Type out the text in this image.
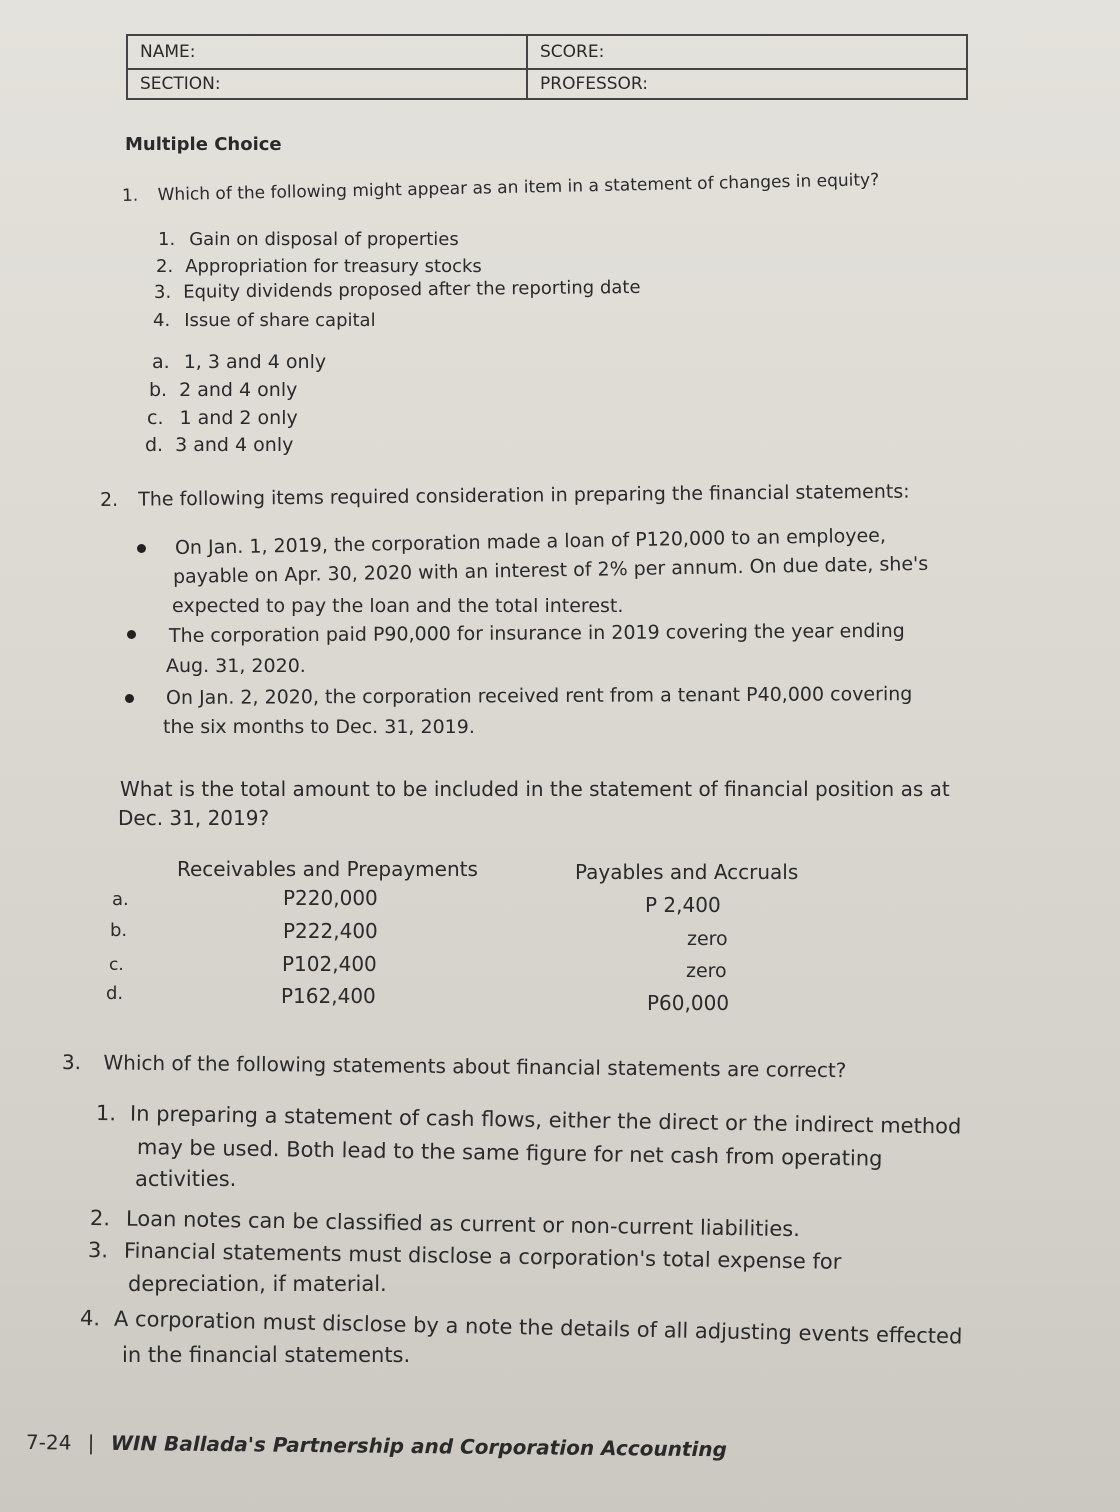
NAME:	SCORE:
SECTION:	PROFESSOR:
Multiple Choice
1. Which of the following might appear as an item in a statement of changes in equity?
1. Gain on disposal of properties
2. Appropriation for treasury stocks
3. Equity dividends proposed after the reporting date
4. Issue of share capital
a. 1, 3 and 4 only
b. 2 and 4 only
c. 1 and 2 only
d. 3 and 4 only
2. The following items required consideration in preparing the financial statements:
On Jan. 1, 2019, the corporation made a loan of P120,000 to an employee,
payable on Apr. 30, 2020 with an interest of 2% per annum. On due date, she's
expected to pay the loan and the total interest.
The corporation paid P90,000 for insurance in 2019 covering the year ending
Aug. 31, 2020.
On Jan. 2, 2020, the corporation received rent from a tenant P40,000 covering
the six months to Dec. 31, 2019.
What is the total amount to be included in the statement of financial position as at
Dec. 31, 2019?
Receivables and Prepayments	Payables and Accruals
a.	P220,000	P 2,400
b.	P222,400	zero
c.	P102,400	zero
d.	P162,400	P60,000
3. Which of the following statements about financial statements are correct?
1. In preparing a statement of cash flows, either the direct or the indirect method
may be used. Both lead to the same figure for net cash from operating
activities.
2. Loan notes can be classified as current or non-current liabilities.
3. Financial statements must disclose a corporation's total expense for
depreciation, if material.
4. A corporation must disclose by a note the details of all adjusting events effected
in the financial statements.
7-24 | WIN Ballada's Partnership and Corporation Accounting
